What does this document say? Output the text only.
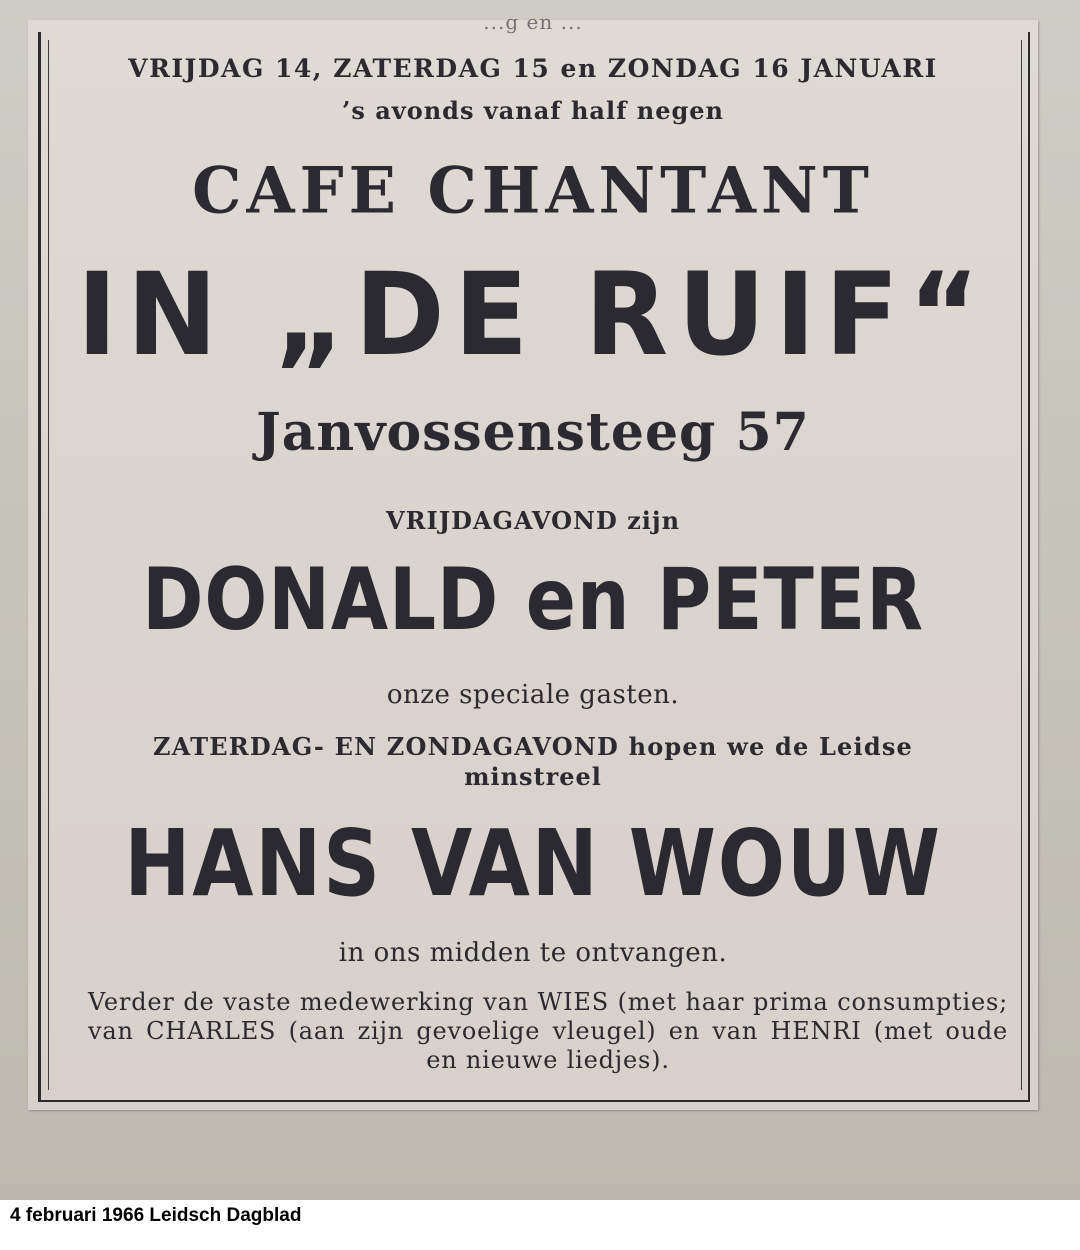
...g en ...
VRIJDAG 14, ZATERDAG 15 en ZONDAG 16 JANUARI
’s avonds vanaf half negen
CAFE CHANTANT
IN „DE RUIF“
Janvossensteeg 57
VRIJDAGAVOND zijn
DONALD en PETER
onze speciale gasten.
ZATERDAG- EN ZONDAGAVOND hopen we de Leidse
minstreel
HANS VAN WOUW
in ons midden te ontvangen.
Verder de vaste medewerking van WIES (met haar prima consumpties; van CHARLES (aan zijn gevoelige vleugel) en van HENRI (met oude en nieuwe liedjes).
4 februari 1966 Leidsch Dagblad
